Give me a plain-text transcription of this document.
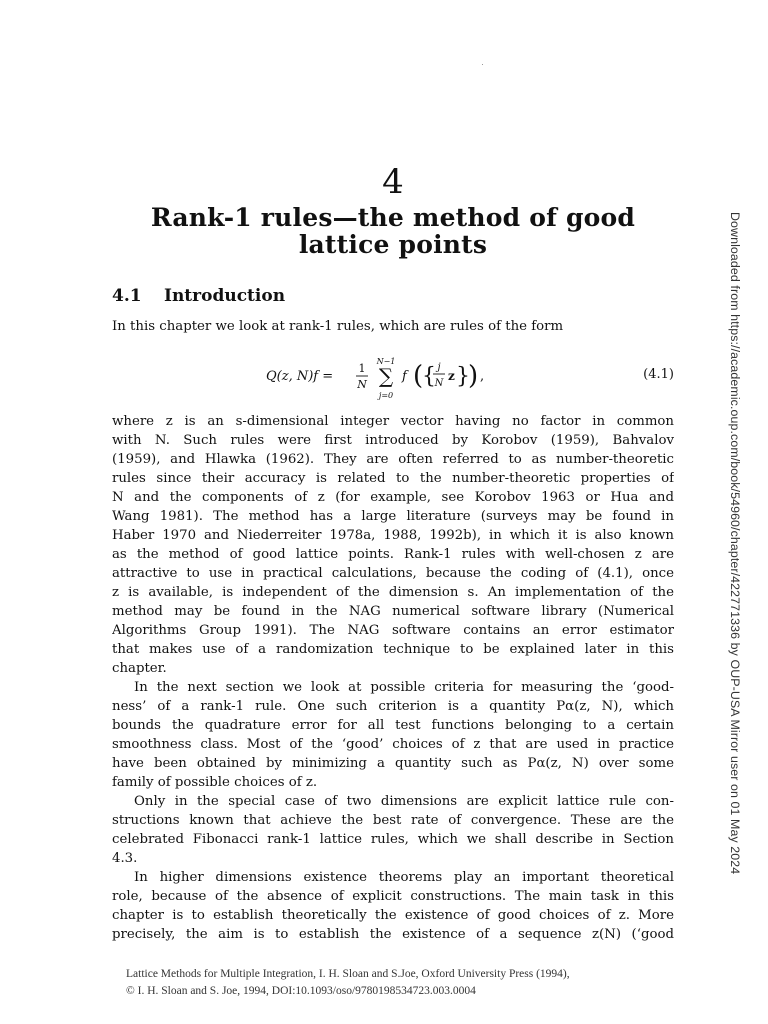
4
Rank-1 rules—the method of good
lattice points
4.1 Introduction
In this chapter we look at rank-1 rules, which are rules of the form
Q(z, N)f =
1
N
N−1
∑
j=0
f (
{ j
N
z }
) ,	(4.1)
where z is an s-dimensional integer vector having no factor in common
with N. Such rules were first introduced by Korobov (1959), Bahvalov
(1959), and Hlawka (1962). They are often referred to as number-theoretic
rules since their accuracy is related to the number-theoretic properties of
N and the components of z (for example, see Korobov 1963 or Hua and
Wang 1981). The method has a large literature (surveys may be found in
Haber 1970 and Niederreiter 1978a, 1988, 1992b), in which it is also known
as the method of good lattice points. Rank-1 rules with well-chosen z are
attractive to use in practical calculations, because the coding of (4.1), once
z is available, is independent of the dimension s. An implementation of the
method may be found in the NAG numerical software library (Numerical
Algorithms Group 1991). The NAG software contains an error estimator
that makes use of a randomization technique to be explained later in this
chapter.
In the next section we look at possible criteria for measuring the ‘good-
ness’ of a rank-1 rule. One such criterion is a quantity Pα(z, N), which
bounds the quadrature error for all test functions belonging to a certain
smoothness class. Most of the ‘good’ choices of z that are used in practice
have been obtained by minimizing a quantity such as Pα(z, N) over some
family of possible choices of z.
Only in the special case of two dimensions are explicit lattice rule con-
structions known that achieve the best rate of convergence. These are the
celebrated Fibonacci rank-1 lattice rules, which we shall describe in Section
4.3.
In higher dimensions existence theorems play an important theoretical
role, because of the absence of explicit constructions. The main task in this
chapter is to establish theoretically the existence of good choices of z. More
precisely, the aim is to establish the existence of a sequence z(N) (‘good
Downloaded from https://academic.oup.com/book/54960/chapter/422771336 by OUP-USA Mirror user on 01 May 2024
Lattice Methods for Multiple Integration, I. H. Sloan and S.Joe, Oxford University Press (1994),
© I. H. Sloan and S. Joe, 1994, DOI:10.1093/oso/9780198534723.003.0004
